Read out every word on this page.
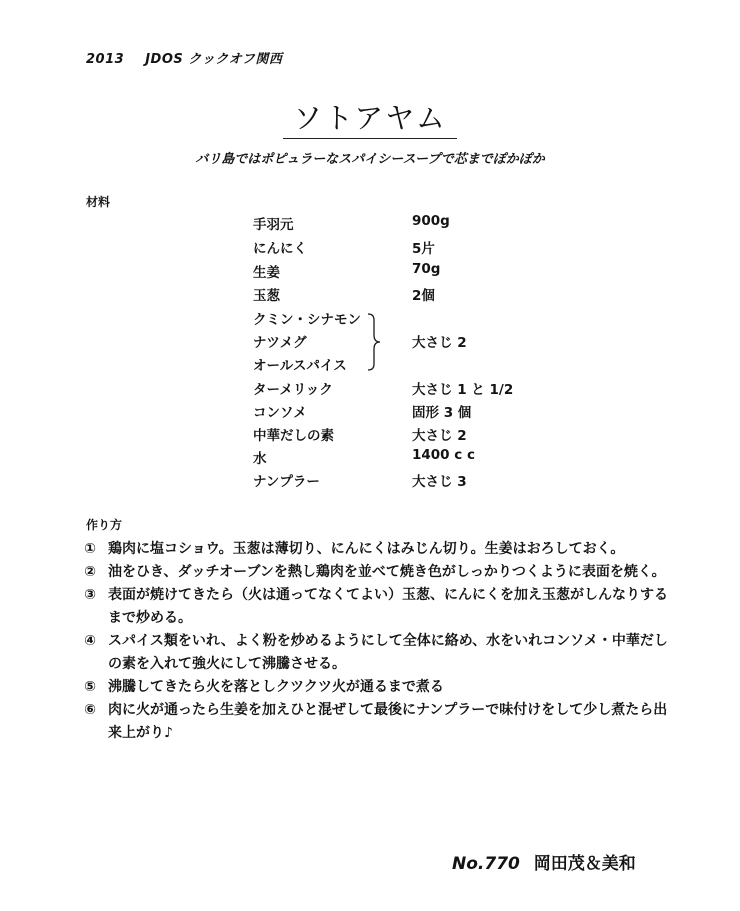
2013 JDOS クックオフ関西
ソトアヤム
バリ島ではポピュラーなスパイシースープで芯までぽかぽか
材料
手羽元	900g
にんにく	5片
生姜	70g
玉葱	2個
クミン・シナモン
ナツメグ	大さじ 2
オールスパイス
ターメリック	大さじ 1 と 1/2
コンソメ	固形 3 個
中華だしの素	大さじ 2
水	1400 c c
ナンプラー	大さじ 3
作り方
① 鶏肉に塩コショウ。玉葱は薄切り、にんにくはみじん切り。生姜はおろしておく。
② 油をひき、ダッチオーブンを熱し鶏肉を並べて焼き色がしっかりつくように表面を焼く。
③ 表面が焼けてきたら（火は通ってなくてよい）玉葱、にんにくを加え玉葱がしんなりするまで炒める。
④ スパイス類をいれ、よく粉を炒めるようにして全体に絡め、水をいれコンソメ・中華だしの素を入れて強火にして沸騰させる。
⑤ 沸騰してきたら火を落としクツクツ火が通るまで煮る
⑥ 肉に火が通ったら生姜を加えひと混ぜして最後にナンプラーで味付けをして少し煮たら出来上がり♪
No.770 岡田茂＆美和
